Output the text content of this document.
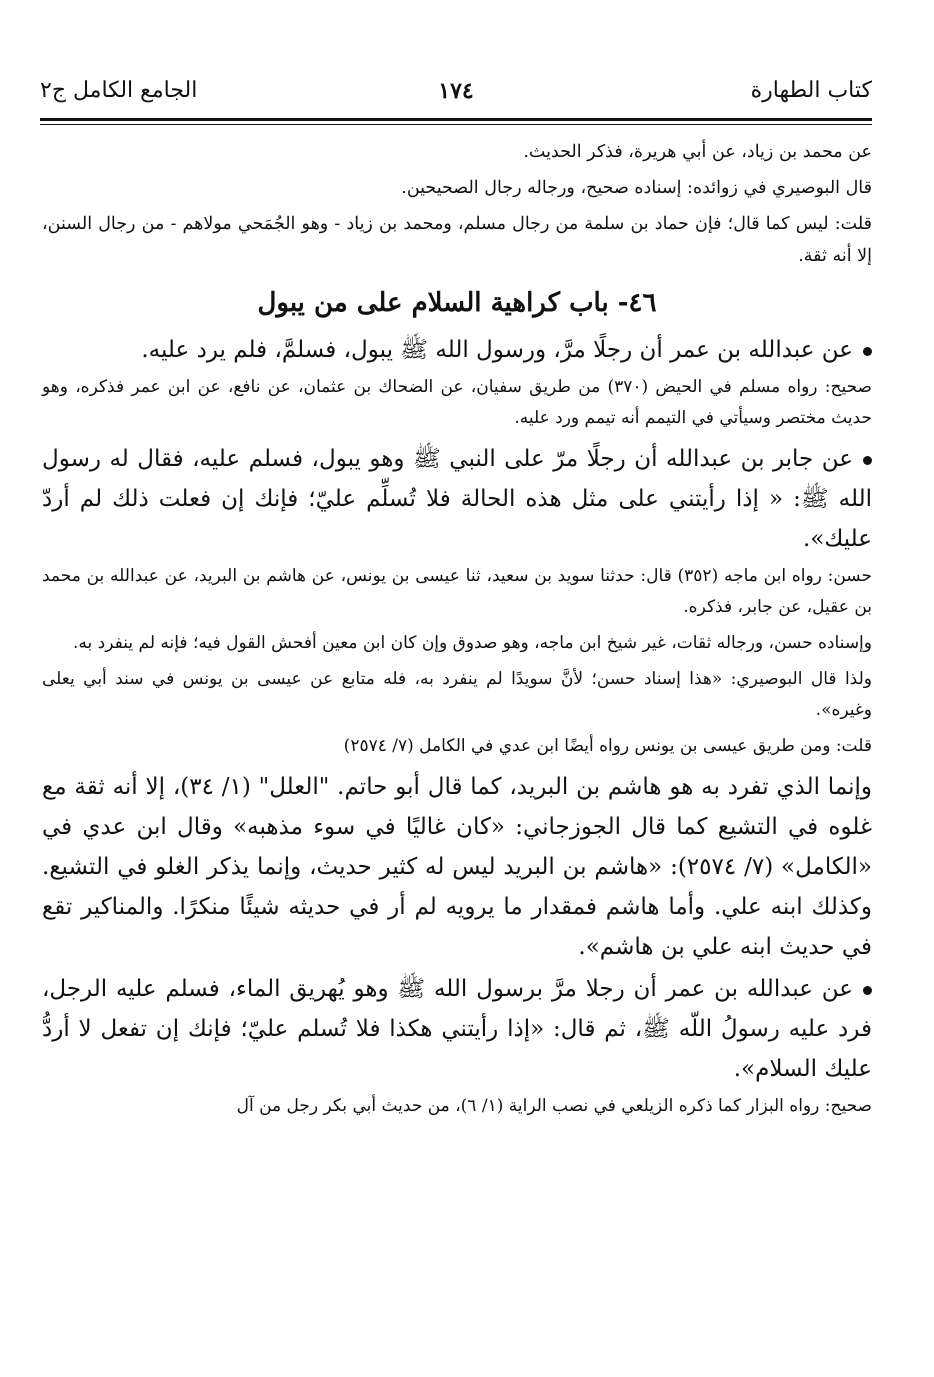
كتاب الطهارة
١٧٤
الجامع الكامل ج٢

عن محمد بن زياد، عن أبي هريرة، فذكر الحديث.

قال البوصيري في زوائده: إسناده صحيح، ورجاله رجال الصحيحين.

قلت: ليس كما قال؛ فإن حماد بن سلمة من رجال مسلم، ومحمد بن زياد - وهو الجُمَحي مولاهم - من رجال السنن، إلا أنه ثقة.

٤٦- باب كراهية السلام على من يبول

عن عبدالله بن عمر أن رجلًا مرَّ، ورسول الله ﷺ يبول، فسلمَّ، فلم يرد عليه.

صحيح: رواه مسلم في الحيض (٣٧٠) من طريق سفيان، عن الضحاك بن عثمان، عن نافع، عن ابن عمر فذكره، وهو حديث مختصر وسيأتي في التيمم أنه تيمم ورد عليه.

عن جابر بن عبدالله أن رجلًا مرّ على النبي ﷺ وهو يبول، فسلم عليه، فقال له رسول الله ﷺ: « إذا رأيتني على مثل هذه الحالة فلا تُسلِّم عليّ؛ فإنك إن فعلت ذلك لم أردّ عليك».

حسن: رواه ابن ماجه (٣٥٢) قال: حدثنا سويد بن سعيد، ثنا عيسى بن يونس، عن هاشم بن البريد، عن عبدالله بن محمد بن عقيل، عن جابر، فذكره.

وإسناده حسن، ورجاله ثقات، غير شيخ ابن ماجه، وهو صدوق وإن كان ابن معين أفحش القول فيه؛ فإنه لم ينفرد به.

ولذا قال البوصيري: «هذا إسناد حسن؛ لأنَّ سويدًا لم ينفرد به، فله متابع عن عيسى بن يونس في سند أبي يعلى وغيره».

قلت: ومن طريق عيسى بن يونس رواه أيضًا ابن عدي في الكامل (٧/ ٢٥٧٤)

وإنما الذي تفرد به هو هاشم بن البريد، كما قال أبو حاتم. "العلل" (١/ ٣٤)، إلا أنه ثقة مع غلوه في التشيع كما قال الجوزجاني: «كان غاليًا في سوء مذهبه» وقال ابن عدي في «الكامل» (٧/ ٢٥٧٤): «هاشم بن البريد ليس له كثير حديث، وإنما يذكر الغلو في التشيع. وكذلك ابنه علي. وأما هاشم فمقدار ما يرويه لم أر في حديثه شيئًا منكرًا. والمناكير تقع في حديث ابنه علي بن هاشم».

عن عبدالله بن عمر أن رجلا مرَّ برسول الله ﷺ وهو يُهريق الماء، فسلم عليه الرجل، فرد عليه رسولُ اللّه ﷺ، ثم قال: «إذا رأيتني هكذا فلا تُسلم عليّ؛ فإنك إن تفعل لا أردُّ عليك السلام».

صحيح: رواه البزار كما ذكره الزيلعي في نصب الراية (١/ ٦)، من حديث أبي بكر رجل من آل
